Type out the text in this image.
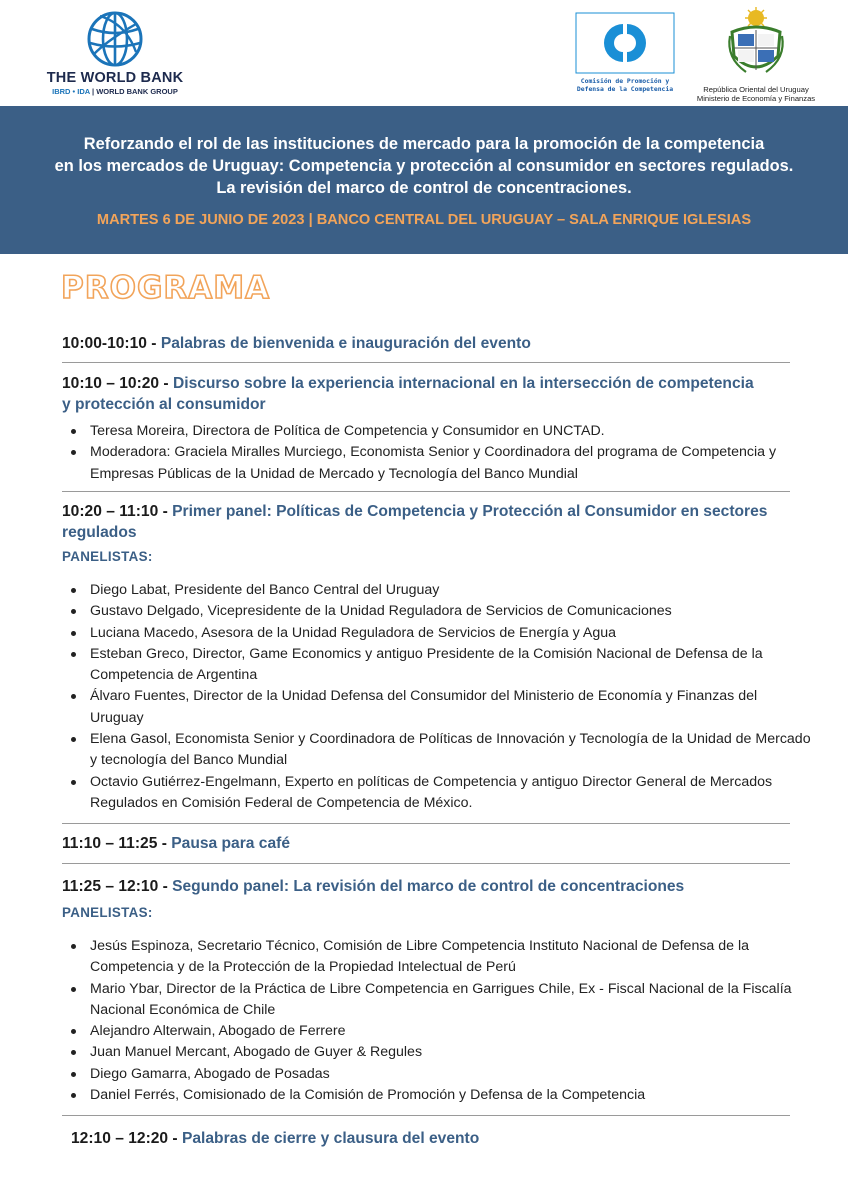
THE WORLD BANK
IBRD • IDA | WORLD BANK GROUP
Comisión de Promoción y
Defensa de la Competencia	República Oriental del Uruguay
Ministerio de Economía y Finanzas
Reforzando el rol de las instituciones de mercado para la promoción de la competencia
en los mercados de Uruguay: Competencia y protección al consumidor en sectores regulados.
La revisión del marco de control de concentraciones.
MARTES 6 DE JUNIO DE 2023 | BANCO CENTRAL DEL URUGUAY – SALA ENRIQUE IGLESIAS
PROGRAMA
10:00-10:10 - Palabras de bienvenida e inauguración del evento
10:10 – 10:20 - Discurso sobre la experiencia internacional en la intersección de competencia y protección al consumidor
Teresa Moreira, Directora de Política de Competencia y Consumidor en UNCTAD.
Moderadora: Graciela Miralles Murciego, Economista Senior y Coordinadora del programa de Competencia y Empresas Públicas de la Unidad de Mercado y Tecnología del Banco Mundial
10:20 – 11:10 - Primer panel: Políticas de Competencia y Protección al Consumidor en sectores regulados
PANELISTAS:
Diego Labat, Presidente del Banco Central del Uruguay
Gustavo Delgado, Vicepresidente de la Unidad Reguladora de Servicios de Comunicaciones
Luciana Macedo, Asesora de la Unidad Reguladora de Servicios de Energía y Agua
Esteban Greco, Director, Game Economics y antiguo Presidente de la Comisión Nacional de Defensa de la Competencia de Argentina
Álvaro Fuentes, Director de la Unidad Defensa del Consumidor del Ministerio de Economía y Finanzas del Uruguay
Elena Gasol, Economista Senior y Coordinadora de Políticas de Innovación y Tecnología de la Unidad de Mercado y tecnología del Banco Mundial
Octavio Gutiérrez-Engelmann, Experto en políticas de Competencia y antiguo Director General de Mercados Regulados en Comisión Federal de Competencia de México.
11:10 – 11:25 - Pausa para café
11:25 – 12:10 - Segundo panel: La revisión del marco de control de concentraciones
PANELISTAS:
Jesús Espinoza, Secretario Técnico, Comisión de Libre Competencia Instituto Nacional de Defensa de la Competencia y de la Protección de la Propiedad Intelectual de Perú
Mario Ybar, Director de la Práctica de Libre Competencia en Garrigues Chile, Ex - Fiscal Nacional de la Fiscalía Nacional Económica de Chile
Alejandro Alterwain, Abogado de Ferrere
Juan Manuel Mercant, Abogado de Guyer & Regules
Diego Gamarra, Abogado de Posadas
Daniel Ferrés, Comisionado de la Comisión de Promoción y Defensa de la Competencia
12:10 – 12:20 - Palabras de cierre y clausura del evento
